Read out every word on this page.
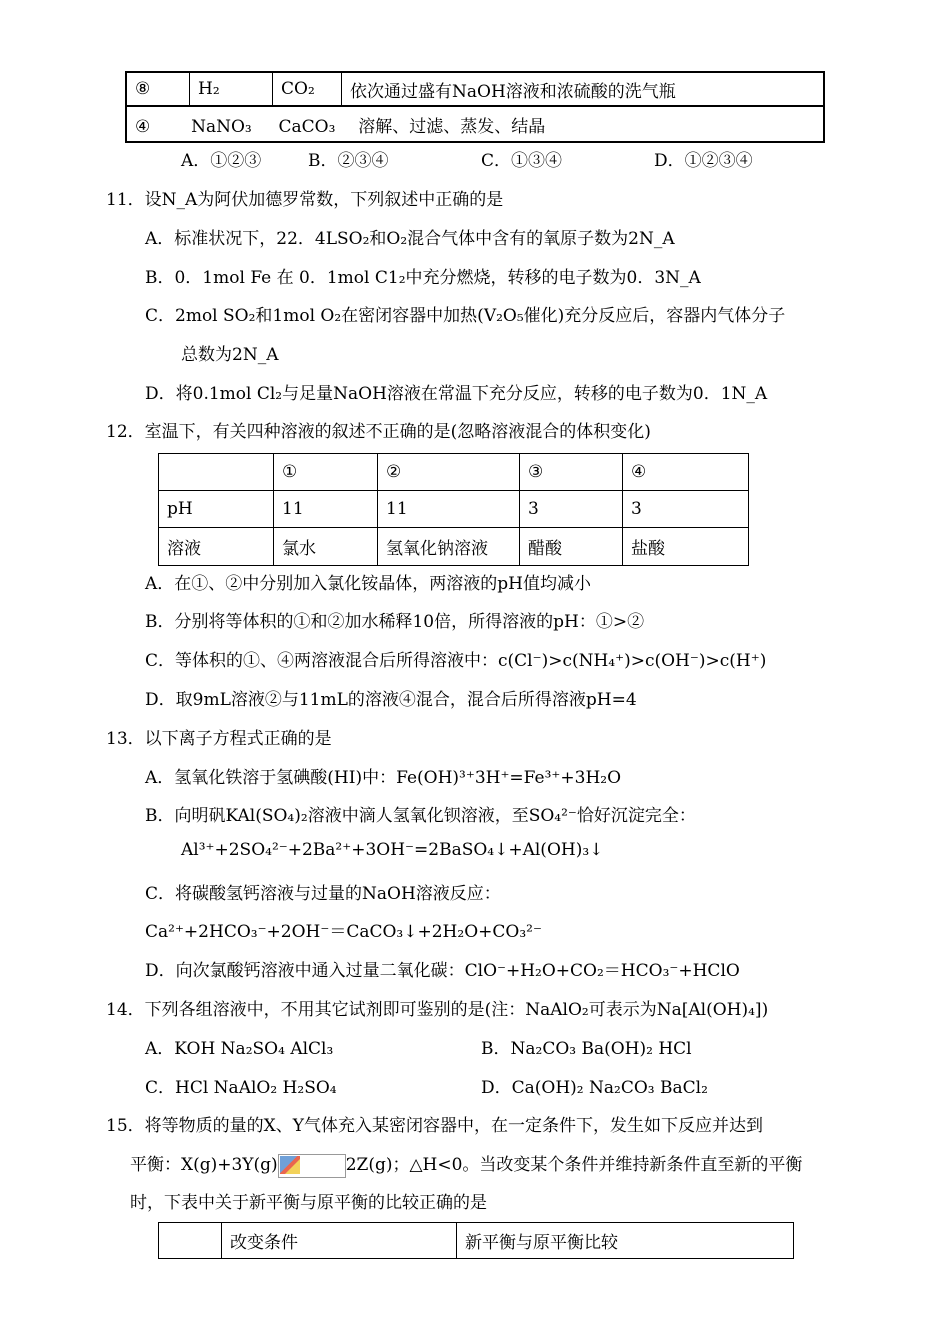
⑧	H₂	CO₂	依次通过盛有NaOH溶液和浓硫酸的洗气瓶
④ NaNO₃ CaCO₃ 溶解、过滤、蒸发、结晶
A．①②③	B．②③④	C．①③④	D．①②③④
11．设N_A为阿伏加德罗常数，下列叙述中正确的是
A．标准状况下，22．4LSO₂和O₂混合气体中含有的氧原子数为2N_A
B．0．1mol Fe 在 0．1mol C1₂中充分燃烧，转移的电子数为0．3N_A
C．2mol SO₂和1mol O₂在密闭容器中加热(V₂O₅催化)充分反应后，容器内气体分子
总数为2N_A
D．将0.1mol Cl₂与足量NaOH溶液在常温下充分反应，转移的电子数为0．1N_A
12．室温下，有关四种溶液的叙述不正确的是(忽略溶液混合的体积变化)
	①	②	③	④
pH	11	11	3	3
溶液	氯水	氢氧化钠溶液	醋酸	盐酸
A．在①、②中分别加入氯化铵晶体，两溶液的pH值均减小
B．分别将等体积的①和②加水稀释10倍，所得溶液的pH：①>②
C．等体积的①、④两溶液混合后所得溶液中：c(Cl⁻)>c(NH₄⁺)>c(OH⁻)>c(H⁺)
D．取9mL溶液②与11mL的溶液④混合，混合后所得溶液pH=4
13．以下离子方程式正确的是
A．氢氧化铁溶于氢碘酸(HI)中：Fe(OH)³⁺3H⁺=Fe³⁺+3H₂O
B．向明矾KAl(SO₄)₂溶液中滴人氢氧化钡溶液，至SO₄²⁻恰好沉淀完全：
Al³⁺+2SO₄²⁻+2Ba²⁺+3OH⁻=2BaSO₄↓+Al(OH)₃↓
C．将碳酸氢钙溶液与过量的NaOH溶液反应：
Ca²⁺+2HCO₃⁻+2OH⁻＝CaCO₃↓+2H₂O+CO₃²⁻
D．向次氯酸钙溶液中通入过量二氧化碳：ClO⁻+H₂O+CO₂＝HCO₃⁻+HClO
14．下列各组溶液中，不用其它试剂即可鉴别的是(注：NaAlO₂可表示为Na[Al(OH)₄])
A．KOH Na₂SO₄ AlCl₃	B．Na₂CO₃ Ba(OH)₂ HCl
C．HCl NaAlO₂ H₂SO₄	D．Ca(OH)₂ Na₂CO₃ BaCl₂
15．将等物质的量的X、Y气体充入某密闭容器中，在一定条件下，发生如下反应并达到
平衡：X(g)+3Y(g)	2Z(g)；△H<0。当改变某个条件并维持新条件直至新的平衡
时，下表中关于新平衡与原平衡的比较正确的是
	改变条件	新平衡与原平衡比较
